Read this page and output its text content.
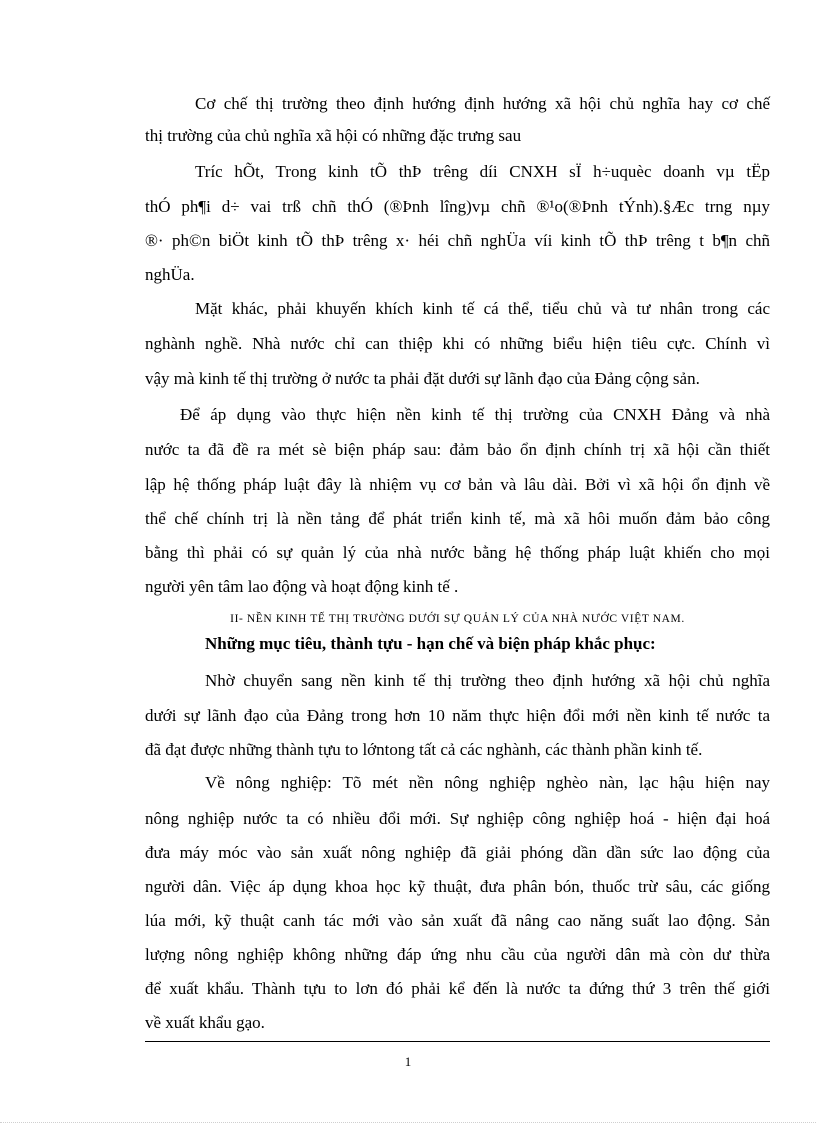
Cơ chế thị trường theo định hướng định hướng xã hội chủ nghĩa hay cơ chế
thị trường của chủ nghĩa xã hội có những đặc trưng sau
Tríc hÕt, Trong kinh tÕ thÞ trêng díi CNXH sÏ h÷uquèc doanh vµ tËp
thÓ ph¶i d÷ vai trß chñ thÓ (®Þnh lîng)vµ chñ ®¹o(®Þnh tÝnh).§Æc trng nµy
®· ph©n biÖt kinh tÕ thÞ trêng x· héi chñ nghÜa víi kinh tÕ thÞ trêng t b¶n chñ
nghÜa.
Mặt khác, phải khuyến khích kinh tế cá thể, tiểu chủ và tư nhân trong các
nghành nghề. Nhà nước chỉ can thiệp khi có những biểu hiện tiêu cực. Chính vì
vậy mà kinh tế thị trường ở nước ta phải đặt dưới sự lãnh đạo của Đảng cộng sản.
Để áp dụng vào thực hiện nền kinh tế thị trường của CNXH Đảng và nhà
nước ta đã đề ra mét sè biện pháp sau: đảm bảo ổn định chính trị xã hội cần thiết
lập hệ thống pháp luật đây là nhiệm vụ cơ bản và lâu dài. Bởi vì xã hội ổn định về
thể chế chính trị là nền tảng để phát triển kinh tế, mà xã hôi muốn đảm bảo công
bằng thì phải có sự quản lý của nhà nước bằng hệ thống pháp luật khiến cho mọi
người yên tâm lao động và hoạt động kinh tế .
II- NỀN KINH TẾ THỊ TRƯỜNG DƯỚI SỰ QUẢN LÝ CỦA NHÀ NƯỚC VIỆT NAM.
Những mục tiêu, thành tựu - hạn chế và biện pháp khắc phục:
Nhờ chuyển sang nền kinh tế thị trường theo định hướng xã hội chủ nghĩa
dưới sự lãnh đạo của Đảng trong hơn 10 năm thực hiện đổi mới nền kinh tế nước ta
đã đạt được những thành tựu to lớntong tất cả các nghành, các thành phần kinh tế.
Về nông nghiệp: Tõ mét nền nông nghiệp nghèo nàn, lạc hậu hiện nay
nông nghiệp nước ta có nhiều đổi mới. Sự nghiệp công nghiệp hoá - hiện đại hoá
đưa máy móc vào sản xuất nông nghiệp đã giải phóng dần dần sức lao động của
người dân. Việc áp dụng khoa học kỹ thuật, đưa phân bón, thuốc trừ sâu, các giống
lúa mới, kỹ thuật canh tác mới vào sản xuất đã nâng cao năng suất lao động. Sản
lượng nông nghiệp không những đáp ứng nhu cầu của người dân mà còn dư thừa
để xuất khẩu. Thành tựu to lơn đó phải kể đến là nước ta đứng thứ 3 trên thế giới
về xuất khẩu gạo.
1
